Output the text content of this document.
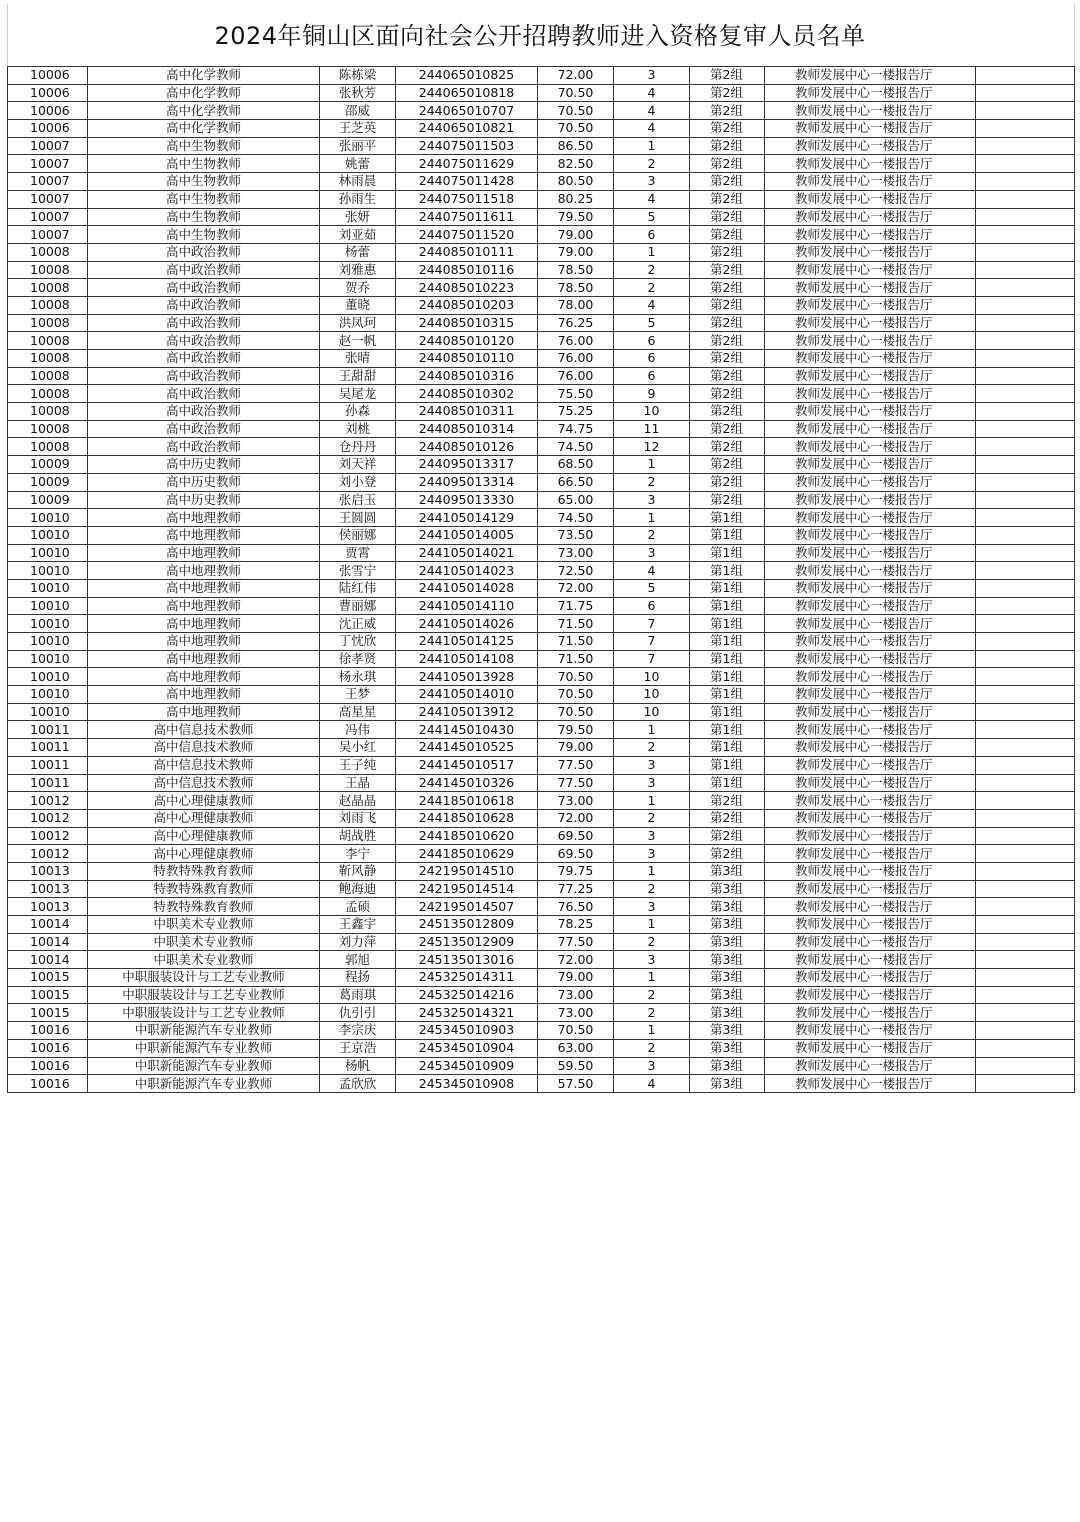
2024年铜山区面向社会公开招聘教师进入资格复审人员名单
10006	高中化学教师	陈栋梁	244065010825	72.00	3	第2组	教师发展中心一楼报告厅	
10006	高中化学教师	张秋芳	244065010818	70.50	4	第2组	教师发展中心一楼报告厅	
10006	高中化学教师	邵威	244065010707	70.50	4	第2组	教师发展中心一楼报告厅	
10006	高中化学教师	王芝英	244065010821	70.50	4	第2组	教师发展中心一楼报告厅	
10007	高中生物教师	张丽平	244075011503	86.50	1	第2组	教师发展中心一楼报告厅	
10007	高中生物教师	姚蕾	244075011629	82.50	2	第2组	教师发展中心一楼报告厅	
10007	高中生物教师	林雨晨	244075011428	80.50	3	第2组	教师发展中心一楼报告厅	
10007	高中生物教师	孙雨生	244075011518	80.25	4	第2组	教师发展中心一楼报告厅	
10007	高中生物教师	张妍	244075011611	79.50	5	第2组	教师发展中心一楼报告厅	
10007	高中生物教师	刘亚茹	244075011520	79.00	6	第2组	教师发展中心一楼报告厅	
10008	高中政治教师	杨蕾	244085010111	79.00	1	第2组	教师发展中心一楼报告厅	
10008	高中政治教师	刘雅惠	244085010116	78.50	2	第2组	教师发展中心一楼报告厅	
10008	高中政治教师	贺乔	244085010223	78.50	2	第2组	教师发展中心一楼报告厅	
10008	高中政治教师	董晓	244085010203	78.00	4	第2组	教师发展中心一楼报告厅	
10008	高中政治教师	洪凤珂	244085010315	76.25	5	第2组	教师发展中心一楼报告厅	
10008	高中政治教师	赵一帆	244085010120	76.00	6	第2组	教师发展中心一楼报告厅	
10008	高中政治教师	张晴	244085010110	76.00	6	第2组	教师发展中心一楼报告厅	
10008	高中政治教师	王甜甜	244085010316	76.00	6	第2组	教师发展中心一楼报告厅	
10008	高中政治教师	吴尾龙	244085010302	75.50	9	第2组	教师发展中心一楼报告厅	
10008	高中政治教师	孙森	244085010311	75.25	10	第2组	教师发展中心一楼报告厅	
10008	高中政治教师	刘桃	244085010314	74.75	11	第2组	教师发展中心一楼报告厅	
10008	高中政治教师	仓丹丹	244085010126	74.50	12	第2组	教师发展中心一楼报告厅	
10009	高中历史教师	刘天祥	244095013317	68.50	1	第2组	教师发展中心一楼报告厅	
10009	高中历史教师	刘小登	244095013314	66.50	2	第2组	教师发展中心一楼报告厅	
10009	高中历史教师	张启玉	244095013330	65.00	3	第2组	教师发展中心一楼报告厅	
10010	高中地理教师	王圆圆	244105014129	74.50	1	第1组	教师发展中心一楼报告厅	
10010	高中地理教师	侯丽娜	244105014005	73.50	2	第1组	教师发展中心一楼报告厅	
10010	高中地理教师	贾霄	244105014021	73.00	3	第1组	教师发展中心一楼报告厅	
10010	高中地理教师	张雪宁	244105014023	72.50	4	第1组	教师发展中心一楼报告厅	
10010	高中地理教师	陆红伟	244105014028	72.00	5	第1组	教师发展中心一楼报告厅	
10010	高中地理教师	曹丽娜	244105014110	71.75	6	第1组	教师发展中心一楼报告厅	
10010	高中地理教师	沈正威	244105014026	71.50	7	第1组	教师发展中心一楼报告厅	
10010	高中地理教师	丁忱欣	244105014125	71.50	7	第1组	教师发展中心一楼报告厅	
10010	高中地理教师	徐孝贤	244105014108	71.50	7	第1组	教师发展中心一楼报告厅	
10010	高中地理教师	杨永琪	244105013928	70.50	10	第1组	教师发展中心一楼报告厅	
10010	高中地理教师	王梦	244105014010	70.50	10	第1组	教师发展中心一楼报告厅	
10010	高中地理教师	高星星	244105013912	70.50	10	第1组	教师发展中心一楼报告厅	
10011	高中信息技术教师	冯伟	244145010430	79.50	1	第1组	教师发展中心一楼报告厅	
10011	高中信息技术教师	吴小红	244145010525	79.00	2	第1组	教师发展中心一楼报告厅	
10011	高中信息技术教师	王子纯	244145010517	77.50	3	第1组	教师发展中心一楼报告厅	
10011	高中信息技术教师	王晶	244145010326	77.50	3	第1组	教师发展中心一楼报告厅	
10012	高中心理健康教师	赵晶晶	244185010618	73.00	1	第2组	教师发展中心一楼报告厅	
10012	高中心理健康教师	刘雨飞	244185010628	72.00	2	第2组	教师发展中心一楼报告厅	
10012	高中心理健康教师	胡战胜	244185010620	69.50	3	第2组	教师发展中心一楼报告厅	
10012	高中心理健康教师	李宁	244185010629	69.50	3	第2组	教师发展中心一楼报告厅	
10013	特教特殊教育教师	靳风静	242195014510	79.75	1	第3组	教师发展中心一楼报告厅	
10013	特教特殊教育教师	鲍海迪	242195014514	77.25	2	第3组	教师发展中心一楼报告厅	
10013	特教特殊教育教师	孟硕	242195014507	76.50	3	第3组	教师发展中心一楼报告厅	
10014	中职美术专业教师	王鑫宇	245135012809	78.25	1	第3组	教师发展中心一楼报告厅	
10014	中职美术专业教师	刘力萍	245135012909	77.50	2	第3组	教师发展中心一楼报告厅	
10014	中职美术专业教师	郭旭	245135013016	72.00	3	第3组	教师发展中心一楼报告厅	
10015	中职服装设计与工艺专业教师	程扬	245325014311	79.00	1	第3组	教师发展中心一楼报告厅	
10015	中职服装设计与工艺专业教师	葛雨琪	245325014216	73.00	2	第3组	教师发展中心一楼报告厅	
10015	中职服装设计与工艺专业教师	仇引引	245325014321	73.00	2	第3组	教师发展中心一楼报告厅	
10016	中职新能源汽车专业教师	李宗庆	245345010903	70.50	1	第3组	教师发展中心一楼报告厅	
10016	中职新能源汽车专业教师	王京浩	245345010904	63.00	2	第3组	教师发展中心一楼报告厅	
10016	中职新能源汽车专业教师	杨帆	245345010909	59.50	3	第3组	教师发展中心一楼报告厅	
10016	中职新能源汽车专业教师	孟欣欣	245345010908	57.50	4	第3组	教师发展中心一楼报告厅	
